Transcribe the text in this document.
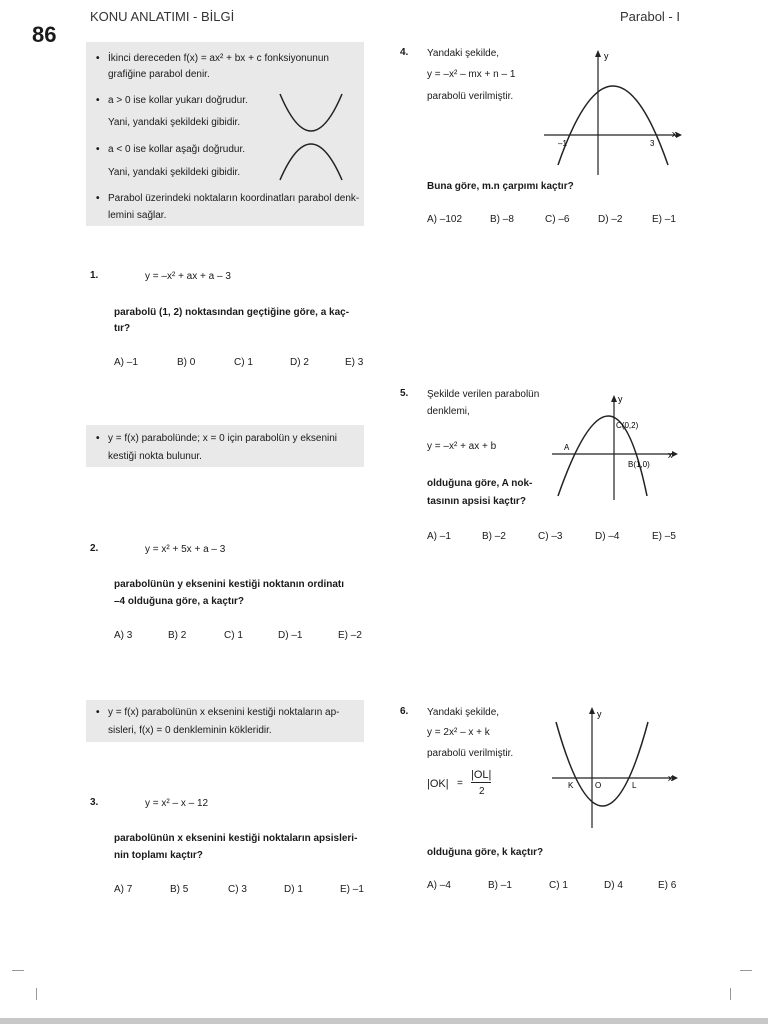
86
KONU ANLATIMI - BİLGİ	Parabol - I
• İkinci dereceden f(x) = ax² + bx + c fonksiyonunun
grafiğine parabol denir.
• a > 0 ise kollar yukarı doğrudur.
Yani, yandaki şekildeki gibidir.
• a < 0 ise kollar aşağı doğrudur.
Yani, yandaki şekildeki gibidir.
• Parabol üzerindeki noktaların koordinatları parabol denk-
lemini sağlar.
1.	y = –x² + ax + a – 3
parabolü (1, 2) noktasından geçtiğine göre, a kaç-
tır?
A) –1	B) 0	C) 1	D) 2	E) 3
• y = f(x) parabolünde; x = 0 için parabolün y eksenini
kestiği nokta bulunur.
2.	y = x² + 5x + a – 3
parabolünün y eksenini kestiği noktanın ordinatı
–4 olduğuna göre, a kaçtır?
A) 3	B) 2	C) 1	D) –1	E) –2
• y = f(x) parabolünün x eksenini kestiği noktaların ap-
sisleri, f(x) = 0 denkleminin kökleridir.
3.	y = x² – x – 12
parabolünün x eksenini kestiği noktaların apsisleri-
nin toplamı kaçtır?
A) 7	B) 5	C) 3	D) 1	E) –1
4. Yandaki şekilde,
y = –x² – mx + n – 1
parabolü verilmiştir.
y
x
–1	3
Buna göre, m.n çarpımı kaçtır?
A) –102	B) –8	C) –6	D) –2	E) –1
5. Şekilde verilen parabolün
denklemi,
y = –x² + ax + b
olduğuna göre, A nok-
tasının apsisi kaçtır?
y
x
C(0,2)
B(1,0)
A
A) –1	B) –2	C) –3	D) –4	E) –5
6. Yandaki şekilde,
y = 2x² – x + k
parabolü verilmiştir.
|OK| =
|OL|
2
y
x
K	O	L
olduğuna göre, k kaçtır?
A) –4	B) –1	C) 1	D) 4	E) 6
